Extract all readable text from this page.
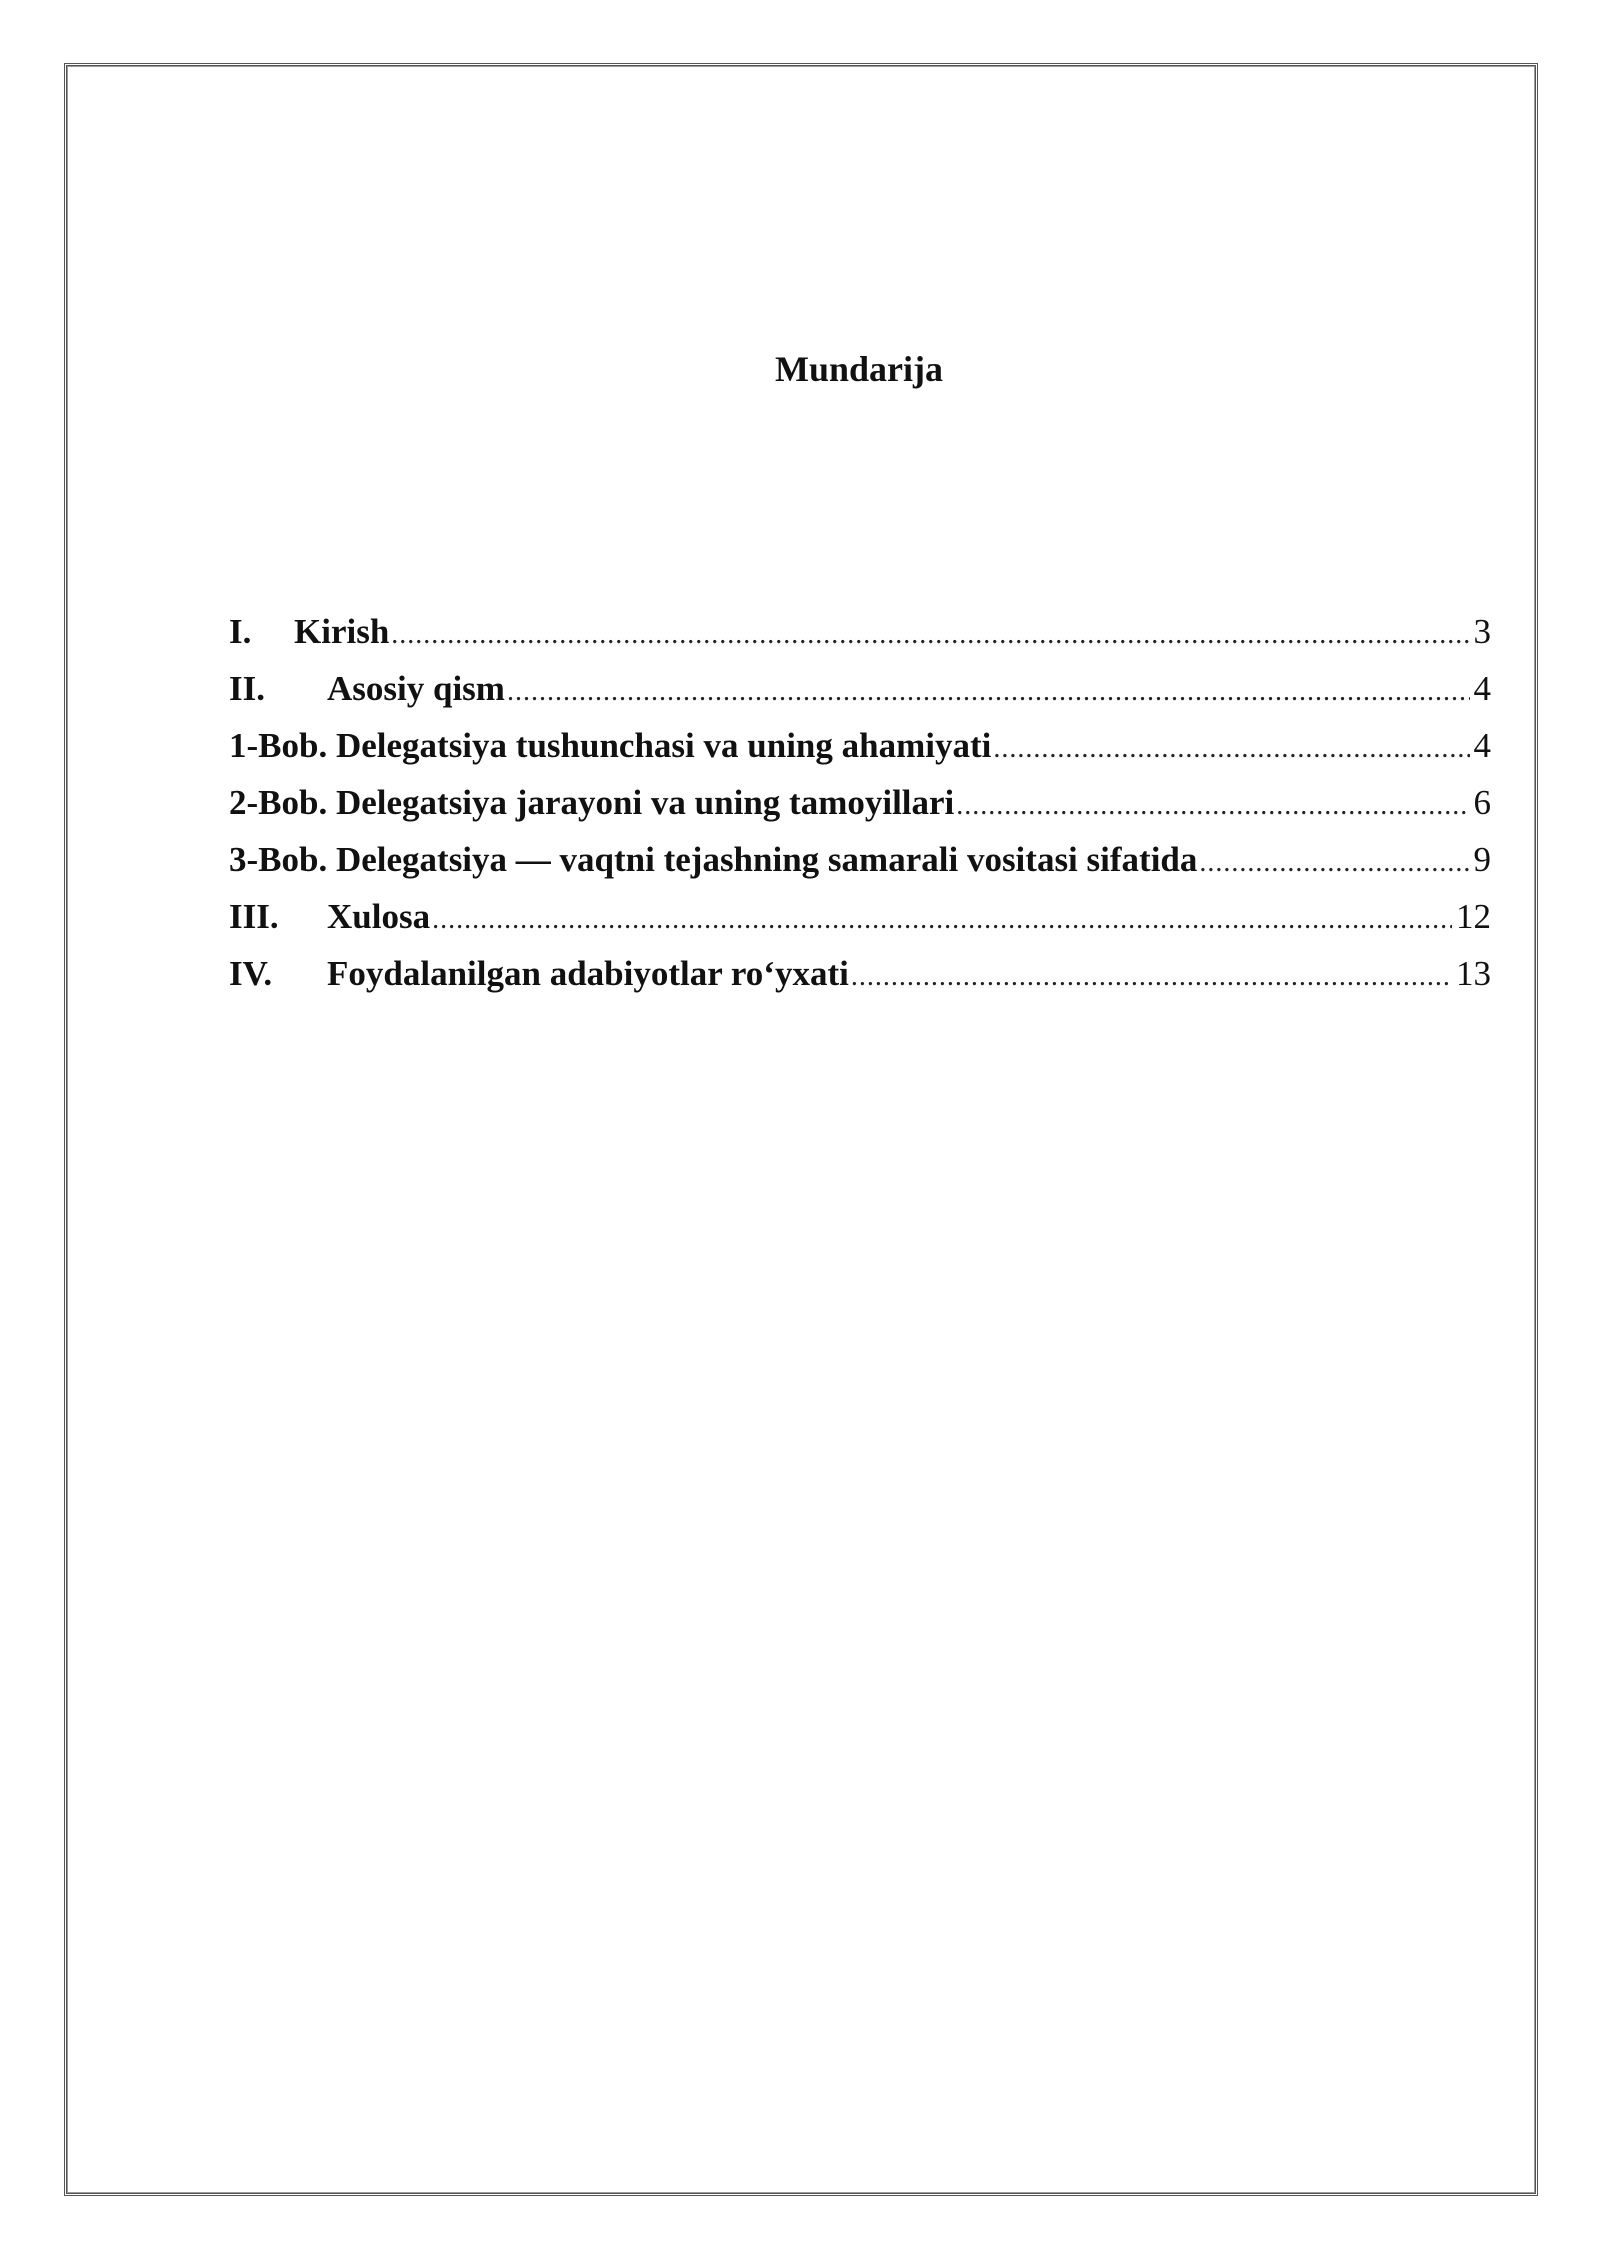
Mundarija
I.	Kirish .....	3
II.	Asosiy qism .....	4
1-Bob. Delegatsiya tushunchasi va uning ahamiyati .....	4
2-Bob. Delegatsiya jarayoni va uning tamoyillari .....	6
3-Bob. Delegatsiya — vaqtni tejashning samarali vositasi sifatida .....	9
III.	Xulosa .....	12
IV.	Foydalanilgan adabiyotlar ro‘yxati .....	13
